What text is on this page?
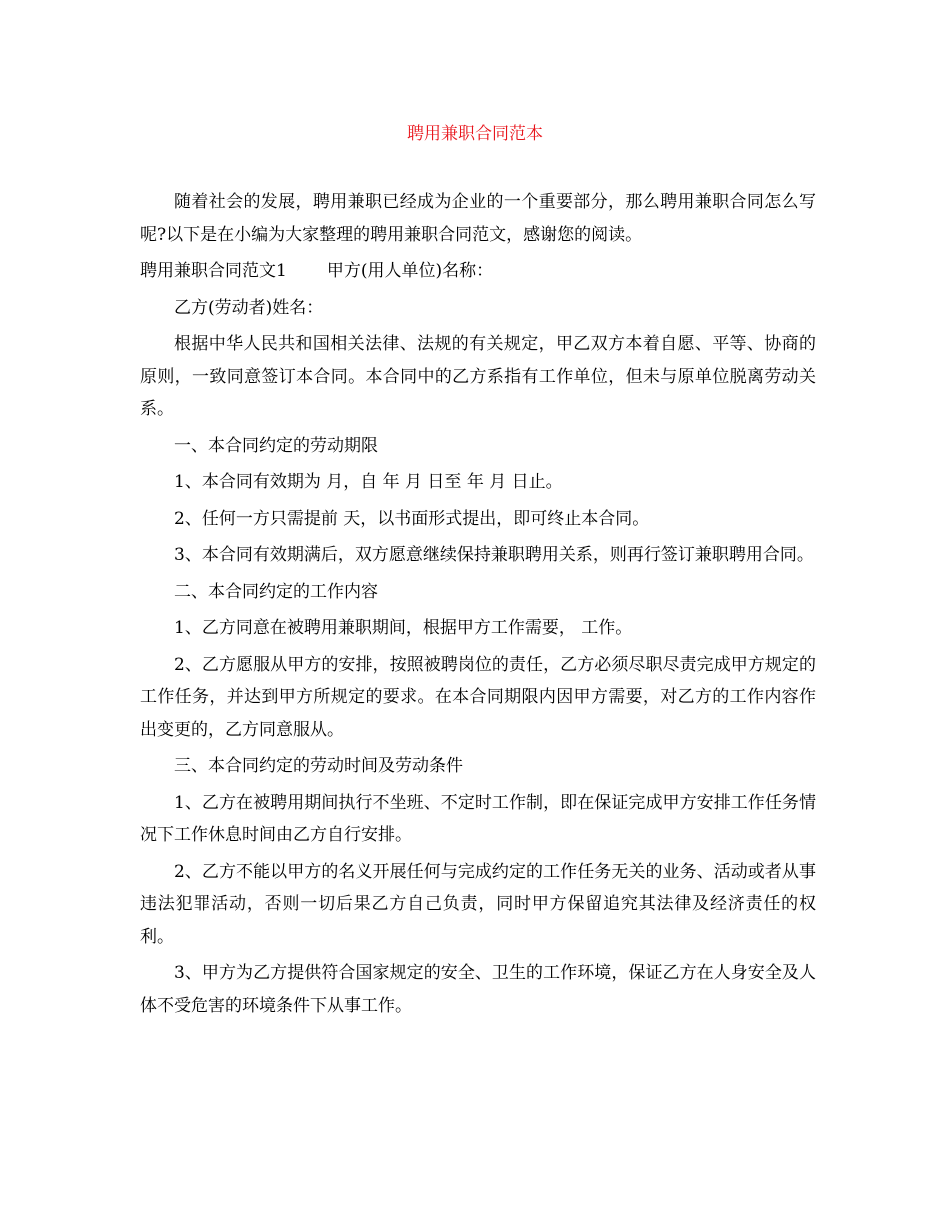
聘用兼职合同范本

随着社会的发展，聘用兼职已经成为企业的一个重要部分，那么聘用兼职合同怎么写呢?以下是在小编为大家整理的聘用兼职合同范文，感谢您的阅读。

聘用兼职合同范文1 甲方(用人单位)名称：

乙方(劳动者)姓名：

根据中华人民共和国相关法律、法规的有关规定，甲乙双方本着自愿、平等、协商的原则，一致同意签订本合同。本合同中的乙方系指有工作单位，但未与原单位脱离劳动关系。

一、本合同约定的劳动期限

1、本合同有效期为 月，自 年 月 日至 年 月 日止。

2、任何一方只需提前 天，以书面形式提出，即可终止本合同。

3、本合同有效期满后，双方愿意继续保持兼职聘用关系，则再行签订兼职聘用合同。

二、本合同约定的工作内容

1、乙方同意在被聘用兼职期间，根据甲方工作需要， 工作。

2、乙方愿服从甲方的安排，按照被聘岗位的责任，乙方必须尽职尽责完成甲方规定的工作任务，并达到甲方所规定的要求。在本合同期限内因甲方需要，对乙方的工作内容作出变更的，乙方同意服从。

三、本合同约定的劳动时间及劳动条件

1、乙方在被聘用期间执行不坐班、不定时工作制，即在保证完成甲方安排工作任务情况下工作休息时间由乙方自行安排。

2、乙方不能以甲方的名义开展任何与完成约定的工作任务无关的业务、活动或者从事违法犯罪活动，否则一切后果乙方自己负责，同时甲方保留追究其法律及经济责任的权利。

3、甲方为乙方提供符合国家规定的安全、卫生的工作环境，保证乙方在人身安全及人体不受危害的环境条件下从事工作。
